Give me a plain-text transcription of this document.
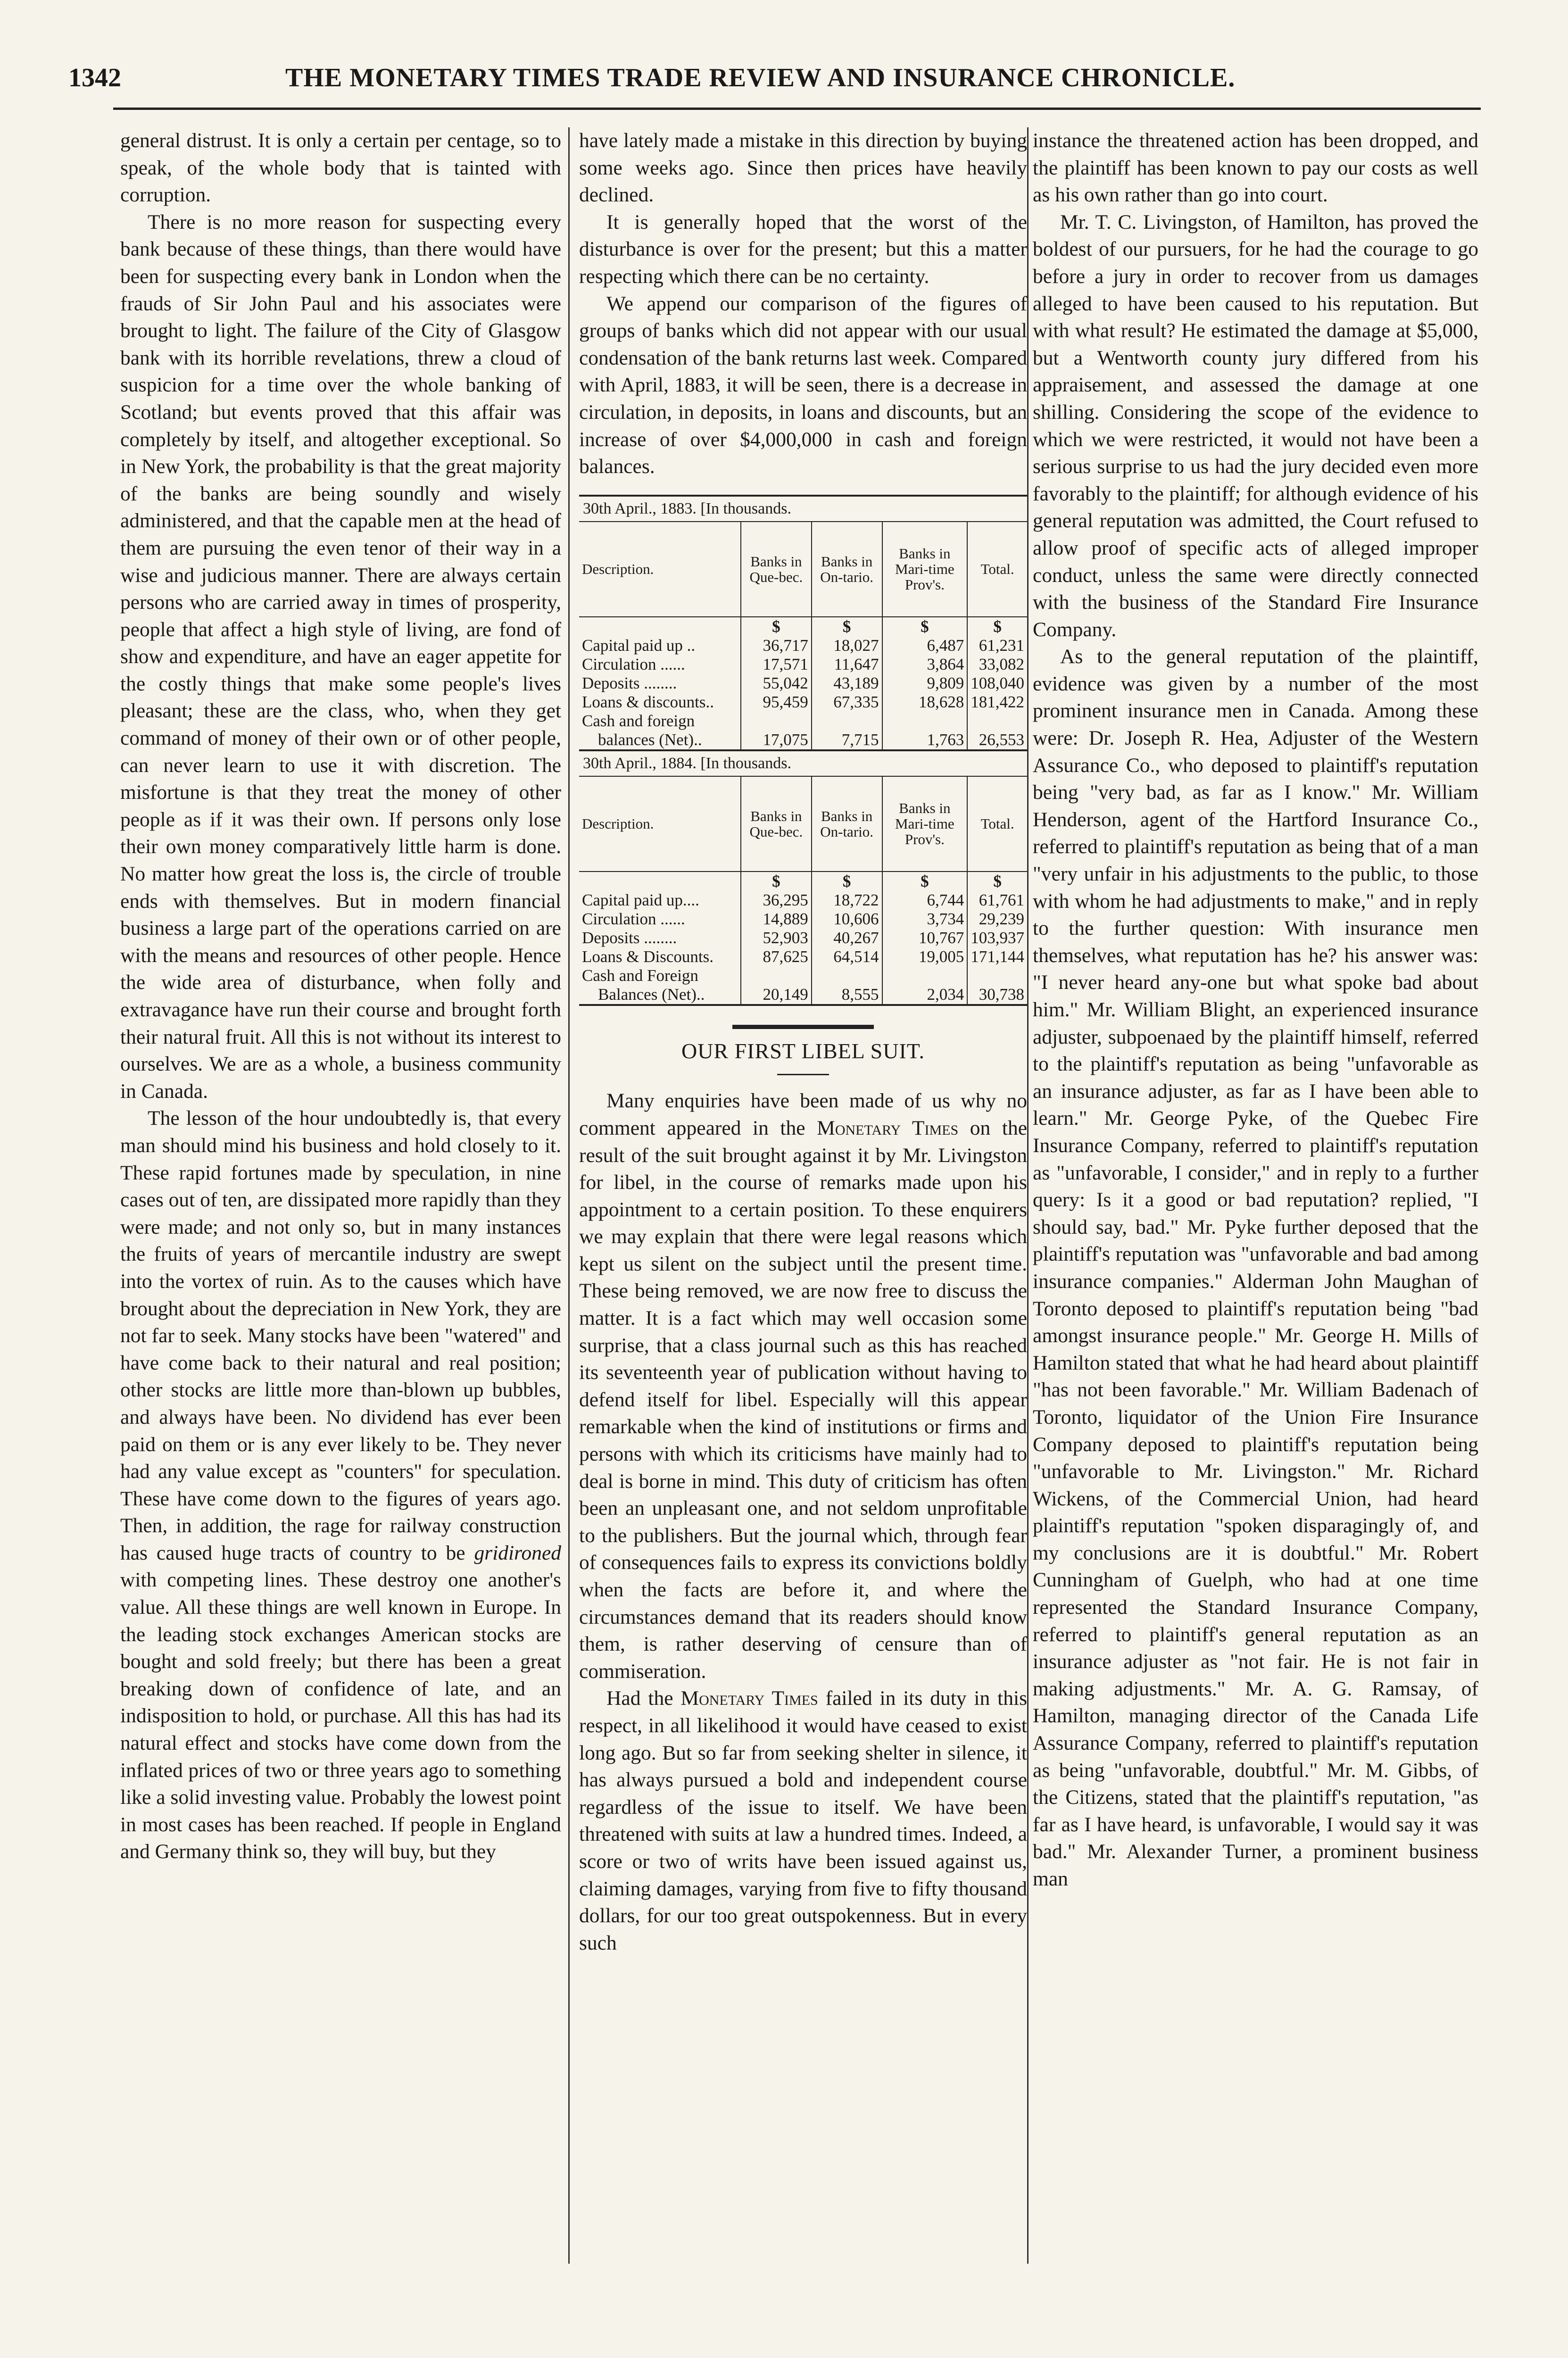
1342	THE MONETARY TIMES TRADE REVIEW AND INSURANCE CHRONICLE.

general distrust. It is only a certain per centage, so to speak, of the whole body that is tainted with corruption.

There is no more reason for suspecting every bank because of these things, than there would have been for suspecting every bank in London when the frauds of Sir John Paul and his associates were brought to light. The failure of the City of Glasgow bank with its horrible revelations, threw a cloud of suspicion for a time over the whole banking of Scotland; but events proved that this affair was completely by itself, and altogether exceptional. So in New York, the probability is that the great majority of the banks are being soundly and wisely administered, and that the capable men at the head of them are pursuing the even tenor of their way in a wise and judicious manner. There are always certain persons who are carried away in times of prosperity, people that affect a high style of living, are fond of show and expenditure, and have an eager appetite for the costly things that make some people's lives pleasant; these are the class, who, when they get command of money of their own or of other people, can never learn to use it with discretion. The misfortune is that they treat the money of other people as if it was their own. If persons only lose their own money comparatively little harm is done. No matter how great the loss is, the circle of trouble ends with themselves. But in modern financial business a large part of the operations carried on are with the means and resources of other people. Hence the wide area of disturbance, when folly and extravagance have run their course and brought forth their natural fruit. All this is not without its interest to ourselves. We are as a whole, a business community in Canada.

The lesson of the hour undoubtedly is, that every man should mind his business and hold closely to it. These rapid fortunes made by speculation, in nine cases out of ten, are dissipated more rapidly than they were made; and not only so, but in many instances the fruits of years of mercantile industry are swept into the vortex of ruin. As to the causes which have brought about the depreciation in New York, they are not far to seek. Many stocks have been "watered" and have come back to their natural and real position; other stocks are little more than-blown up bubbles, and always have been. No dividend has ever been paid on them or is any ever likely to be. They never had any value except as "counters" for speculation. These have come down to the figures of years ago. Then, in addition, the rage for railway construction has caused huge tracts of country to be gridironed with competing lines. These destroy one another's value. All these things are well known in Europe. In the leading stock exchanges American stocks are bought and sold freely; but there has been a great breaking down of confidence of late, and an indisposition to hold, or purchase. All this has had its natural effect and stocks have come down from the inflated prices of two or three years ago to something like a solid investing value. Probably the lowest point in most cases has been reached. If people in England and Germany think so, they will buy, but they

have lately made a mistake in this direction by buying some weeks ago. Since then prices have heavily declined.

It is generally hoped that the worst of the disturbance is over for the present; but this a matter respecting which there can be no certainty.

We append our comparison of the figures of groups of banks which did not appear with our usual condensation of the bank returns last week. Compared with April, 1883, it will be seen, there is a decrease in circulation, in deposits, in loans and discounts, but an increase of over $4,000,000 in cash and foreign balances.

30th April., 1883. [In thousands.				
Description.	Banks in Que-bec.	Banks in On-tario.	Banks in Mari-time Prov's.	Total.
	$	$	$	$
Capital paid up ..	36,717	18,027	6,487	61,231
Circulation ......	17,571	11,647	3,864	33,082
Deposits ........	55,042	43,189	9,809	108,040
Loans & discounts..	95,459	67,335	18,628	181,422
Cash and foreign				
balances (Net)..	17,075	7,715	1,763	26,553
30th April., 1884. [In thousands.				
Description.	Banks in Que-bec.	Banks in On-tario.	Banks in Mari-time Prov's.	Total.
	$	$	$	$
Capital paid up....	36,295	18,722	6,744	61,761
Circulation ......	14,889	10,606	3,734	29,239
Deposits ........	52,903	40,267	10,767	103,937
Loans & Discounts.	87,625	64,514	19,005	171,144
Cash and Foreign				
Balances (Net)..	20,149	8,555	2,034	30,738
OUR FIRST LIBEL SUIT.

Many enquiries have been made of us why no comment appeared in the Monetary Times on the result of the suit brought against it by Mr. Livingston for libel, in the course of remarks made upon his appointment to a certain position. To these enquirers we may explain that there were legal reasons which kept us silent on the subject until the present time. These being removed, we are now free to discuss the matter. It is a fact which may well occasion some surprise, that a class journal such as this has reached its seventeenth year of publication without having to defend itself for libel. Especially will this appear remarkable when the kind of institutions or firms and persons with which its criticisms have mainly had to deal is borne in mind. This duty of criticism has often been an unpleasant one, and not seldom unprofitable to the publishers. But the journal which, through fear of consequences fails to express its convictions boldly when the facts are before it, and where the circumstances demand that its readers should know them, is rather deserving of censure than of commiseration.

Had the Monetary Times failed in its duty in this respect, in all likelihood it would have ceased to exist long ago. But so far from seeking shelter in silence, it has always pursued a bold and independent course regardless of the issue to itself. We have been threatened with suits at law a hundred times. Indeed, a score or two of writs have been issued against us, claiming damages, varying from five to fifty thousand dollars, for our too great outspokenness. But in every such

instance the threatened action has been dropped, and the plaintiff has been known to pay our costs as well as his own rather than go into court.

Mr. T. C. Livingston, of Hamilton, has proved the boldest of our pursuers, for he had the courage to go before a jury in order to recover from us damages alleged to have been caused to his reputation. But with what result? He estimated the damage at $5,000, but a Wentworth county jury differed from his appraisement, and assessed the damage at one shilling. Considering the scope of the evidence to which we were restricted, it would not have been a serious surprise to us had the jury decided even more favorably to the plaintiff; for although evidence of his general reputation was admitted, the Court refused to allow proof of specific acts of alleged improper conduct, unless the same were directly connected with the business of the Standard Fire Insurance Company.

As to the general reputation of the plaintiff, evidence was given by a number of the most prominent insurance men in Canada. Among these were: Dr. Joseph R. Hea, Adjuster of the Western Assurance Co., who deposed to plaintiff's reputation being "very bad, as far as I know." Mr. William Henderson, agent of the Hartford Insurance Co., referred to plaintiff's reputation as being that of a man "very unfair in his adjustments to the public, to those with whom he had adjustments to make," and in reply to the further question: With insurance men themselves, what reputation has he? his answer was: "I never heard any-one but what spoke bad about him." Mr. William Blight, an experienced insurance adjuster, subpoenaed by the plaintiff himself, referred to the plaintiff's reputation as being "unfavorable as an insurance adjuster, as far as I have been able to learn." Mr. George Pyke, of the Quebec Fire Insurance Company, referred to plaintiff's reputation as "unfavorable, I consider," and in reply to a further query: Is it a good or bad reputation? replied, "I should say, bad." Mr. Pyke further deposed that the plaintiff's reputation was "unfavorable and bad among insurance companies." Alderman John Maughan of Toronto deposed to plaintiff's reputation being "bad amongst insurance people." Mr. George H. Mills of Hamilton stated that what he had heard about plaintiff "has not been favorable." Mr. William Badenach of Toronto, liquidator of the Union Fire Insurance Company deposed to plaintiff's reputation being "unfavorable to Mr. Livingston." Mr. Richard Wickens, of the Commercial Union, had heard plaintiff's reputation "spoken disparagingly of, and my conclusions are it is doubtful." Mr. Robert Cunningham of Guelph, who had at one time represented the Standard Insurance Company, referred to plaintiff's general reputation as an insurance adjuster as "not fair. He is not fair in making adjustments." Mr. A. G. Ramsay, of Hamilton, managing director of the Canada Life Assurance Company, referred to plaintiff's reputation as being "unfavorable, doubtful." Mr. M. Gibbs, of the Citizens, stated that the plaintiff's reputation, "as far as I have heard, is unfavorable, I would say it was bad." Mr. Alexander Turner, a prominent business man
